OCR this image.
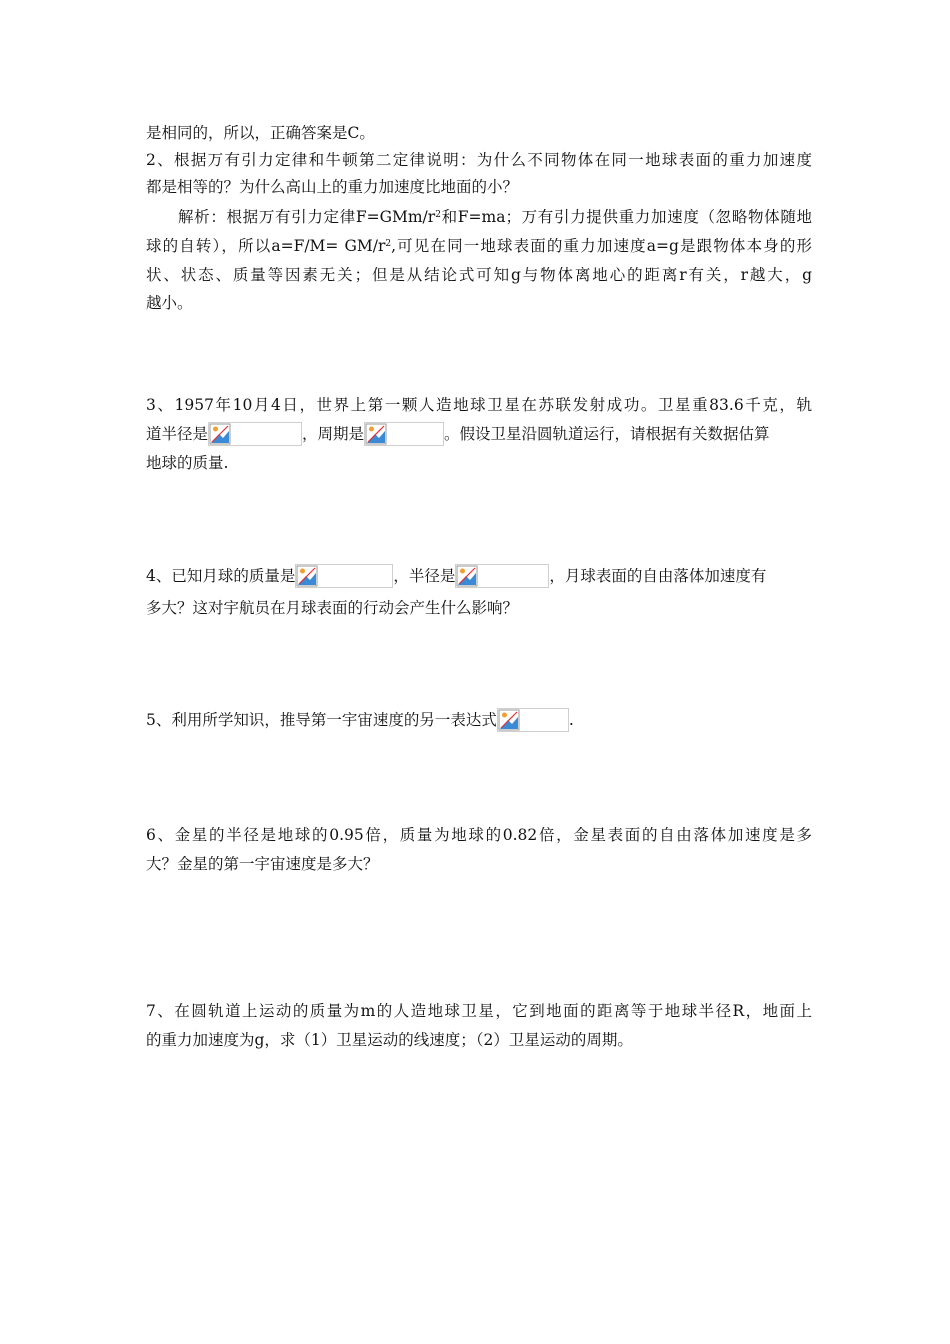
是相同的，所以，正确答案是C。
2、根据万有引力定律和牛顿第二定律说明：为什么不同物体在同一地球表面的重力加速度
都是相等的？为什么高山上的重力加速度比地面的小？
解析：根据万有引力定律$F=GMm/r^2$和F=ma；万有引力提供重力加速度（忽略物体随地
球的自转），所以$a=F/M= GM/r^2$,可见在同一地球表面的重力加速度a=g是跟物体本身的形
状、状态、质量等因素无关；但是从结论式可知g与物体离地心的距离r有关，r越大，g
越小。
3、1957年10月4日，世界上第一颗人造地球卫星在苏联发射成功。卫星重83.6千克，轨
道半径是	，周期是	。假设卫星沿圆轨道运行，请根据有关数据估算
地球的质量.
4、已知月球的质量是	，半径是	，月球表面的自由落体加速度有
多大？这对宇航员在月球表面的行动会产生什么影响？
5、利用所学知识，推导第一宇宙速度的另一表达式	.
6、金星的半径是地球的0.95倍，质量为地球的0.82倍，金星表面的自由落体加速度是多
大？金星的第一宇宙速度是多大？
7、在圆轨道上运动的质量为m的人造地球卫星，它到地面的距离等于地球半径R，地面上
的重力加速度为g，求（1）卫星运动的线速度；（2）卫星运动的周期。
